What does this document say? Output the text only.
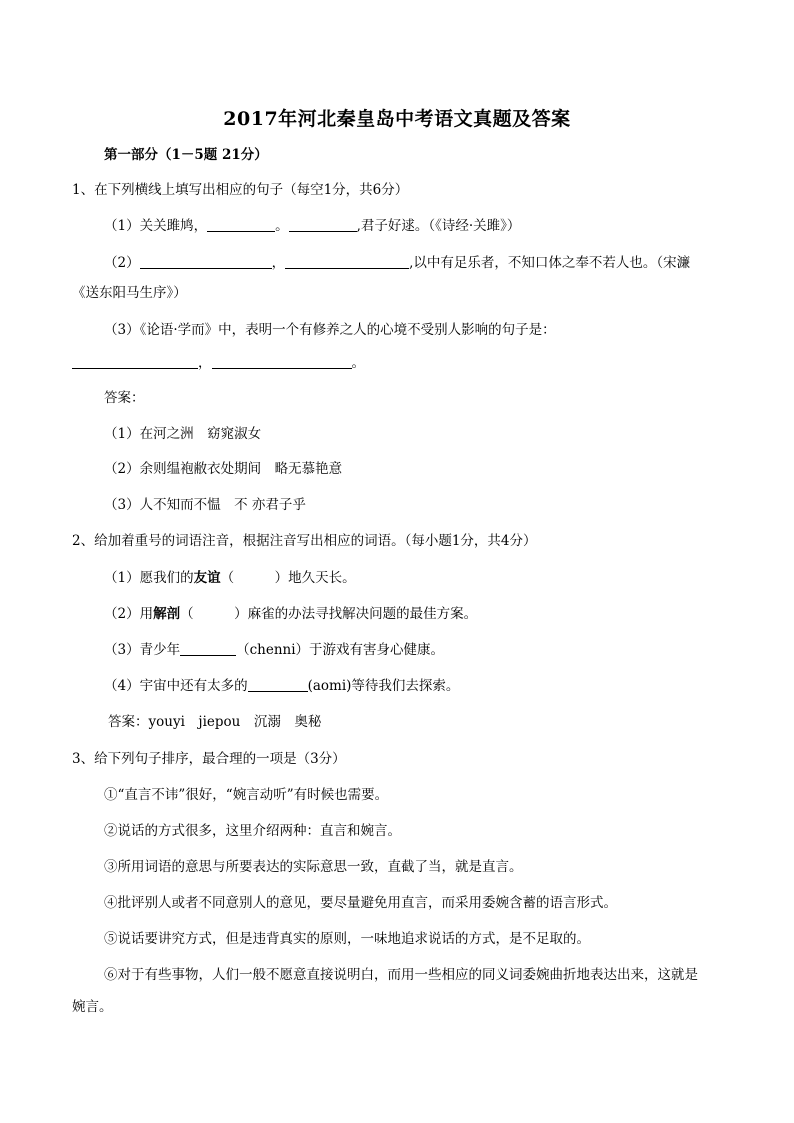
2017年河北秦皇岛中考语文真题及答案
第一部分（1－5题 21分）
1、在下列横线上填写出相应的句子（每空1分，共6分）
（1）关关雎鸠，	。	,君子好逑。（《诗经·关雎》）
（2）	，	,以中有足乐者，不知口体之奉不若人也。（宋濂
《送东阳马生序》）
（3）《论语·学而》中，表明一个有修养之人的心境不受别人影响的句子是：
，	。
答案：
（1）在河之洲　窈窕淑女
（2）余则缊袍敝衣处期间　略无慕艳意
（3）人不知而不愠　不 亦君子乎
2、给加着重号的词语注音，根据注音写出相应的词语。（每小题1分，共4分）
（1）愿我们的友谊（　　　）地久天长。
（2）用解剖（　　　）麻雀的办法寻找解决问题的最佳方案。
（3）青少年	（chenni）于游戏有害身心健康。
（4）宇宙中还有太多的	(aomi)等待我们去探索。
答案：youyi　jiepou　沉溺　奥秘
3、给下列句子排序，最合理的一项是（3分）
①“直言不讳”很好，“婉言动听”有时候也需要。
②说话的方式很多，这里介绍两种：直言和婉言。
③所用词语的意思与所要表达的实际意思一致，直截了当，就是直言。
④批评别人或者不同意别人的意见，要尽量避免用直言，而采用委婉含蓄的语言形式。
⑤说话要讲究方式，但是违背真实的原则，一味地追求说话的方式，是不足取的。
⑥对于有些事物，人们一般不愿意直接说明白，而用一些相应的同义词委婉曲折地表达出来，这就是
婉言。
